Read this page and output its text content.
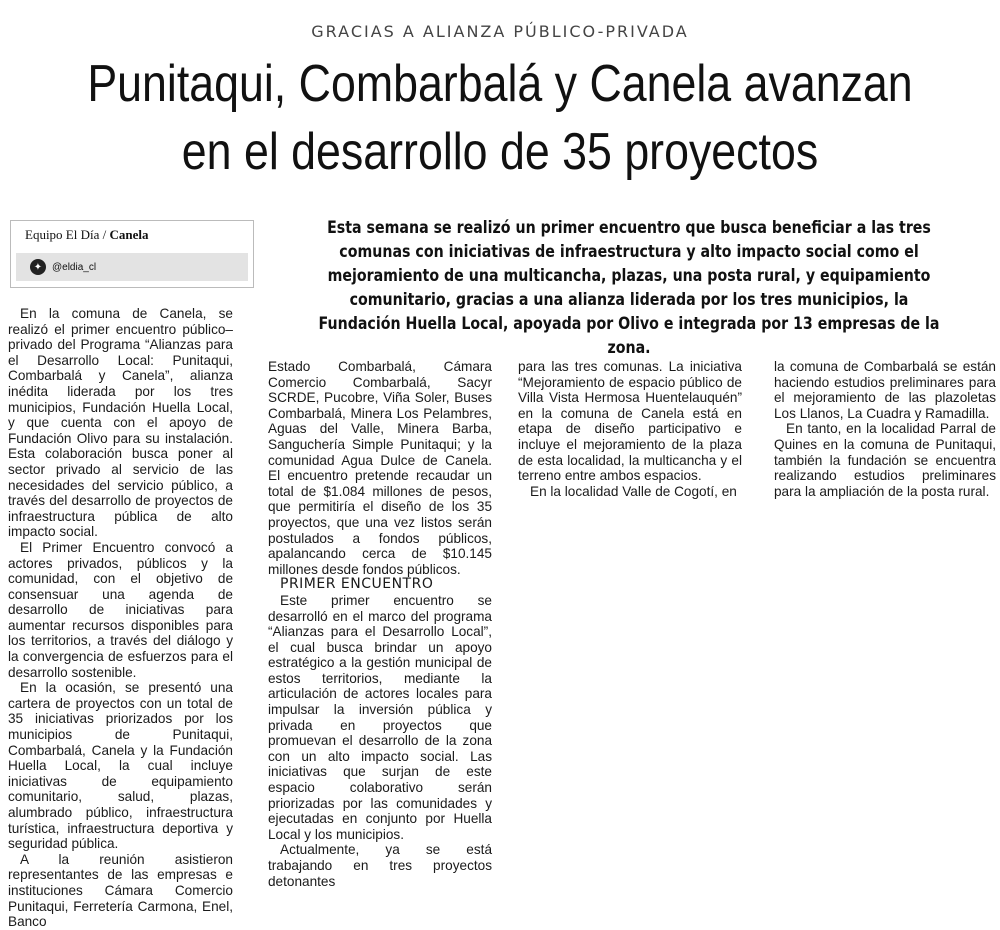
GRACIAS A ALIANZA PÚBLICO-PRIVADA
Punitaqui, Combarbalá y Canela avanzan
en el desarrollo de 35 proyectos
Equipo El Día / Canela
✦ @eldia_cl
Esta semana se realizó un primer encuentro que busca beneficiar a las tres comunas con iniciativas de infraestructura y alto impacto social como el mejoramiento de una multicancha, plazas, una posta rural, y equipamiento comunitario, gracias a una alianza liderada por los tres municipios, la Fundación Huella Local, apoyada por Olivo e integrada por 13 empresas de la zona.

En la comuna de Canela, se realizó el primer encuentro público–privado del Programa “Alianzas para el Desarrollo Local: Punitaqui, Combarbalá y Canela”, alianza inédita liderada por los tres municipios, Fundación Huella Local, y que cuenta con el apoyo de Fundación Olivo para su instalación. Esta colaboración busca poner al sector privado al servicio de las necesidades del servicio público, a través del desarrollo de proyectos de infraestructura pública de alto impacto social.

El Primer Encuentro convocó a actores privados, públicos y la comunidad, con el objetivo de consensuar una agenda de desarrollo de iniciativas para aumentar recursos disponibles para los territorios, a través del diálogo y la convergencia de esfuerzos para el desarrollo sostenible.

En la ocasión, se presentó una cartera de proyectos con un total de 35 iniciativas priorizados por los municipios de Punitaqui, Combarbalá, Canela y la Fundación Huella Local, la cual incluye iniciativas de equipamiento comunitario, salud, plazas, alumbrado público, infraestructura turística, infraestructura deportiva y seguridad pública.

A la reunión asistieron representantes de las empresas e instituciones Cámara Comercio Punitaqui, Ferretería Carmona, Enel, Banco

Estado Combarbalá, Cámara Comercio Combarbalá, Sacyr SCRDE, Pucobre, Viña Soler, Buses Combarbalá, Minera Los Pelambres, Aguas del Valle, Minera Barba, Sanguchería Simple Punitaqui; y la comunidad Agua Dulce de Canela. El encuentro pretende recaudar un total de $1.084 millones de pesos, que permitiría el diseño de los 35 proyectos, que una vez listos serán postulados a fondos públicos, apalancando cerca de $10.145 millones desde fondos públicos.

PRIMER ENCUENTRO

Este primer encuentro se desarrolló en el marco del programa “Alianzas para el Desarrollo Local”, el cual busca brindar un apoyo estratégico a la gestión municipal de estos territorios, mediante la articulación de actores locales para impulsar la inversión pública y privada en proyectos que promuevan el desarrollo de la zona con un alto impacto social. Las iniciativas que surjan de este espacio colaborativo serán priorizadas por las comunidades y ejecutadas en conjunto por Huella Local y los municipios.

Actualmente, ya se está trabajando en tres proyectos detonantes

para las tres comunas. La iniciativa “Mejoramiento de espacio público de Villa Vista Hermosa Huentelauquén” en la comuna de Canela está en etapa de diseño participativo e incluye el mejoramiento de la plaza de esta localidad, la multicancha y el terreno entre ambos espacios.

En la localidad Valle de Cogotí, en

la comuna de Combarbalá se están haciendo estudios preliminares para el mejoramiento de las plazoletas Los Llanos, La Cuadra y Ramadilla.

En tanto, en la localidad Parral de Quines en la comuna de Punitaqui, también la fundación se encuentra realizando estudios preliminares para la ampliación de la posta rural.
